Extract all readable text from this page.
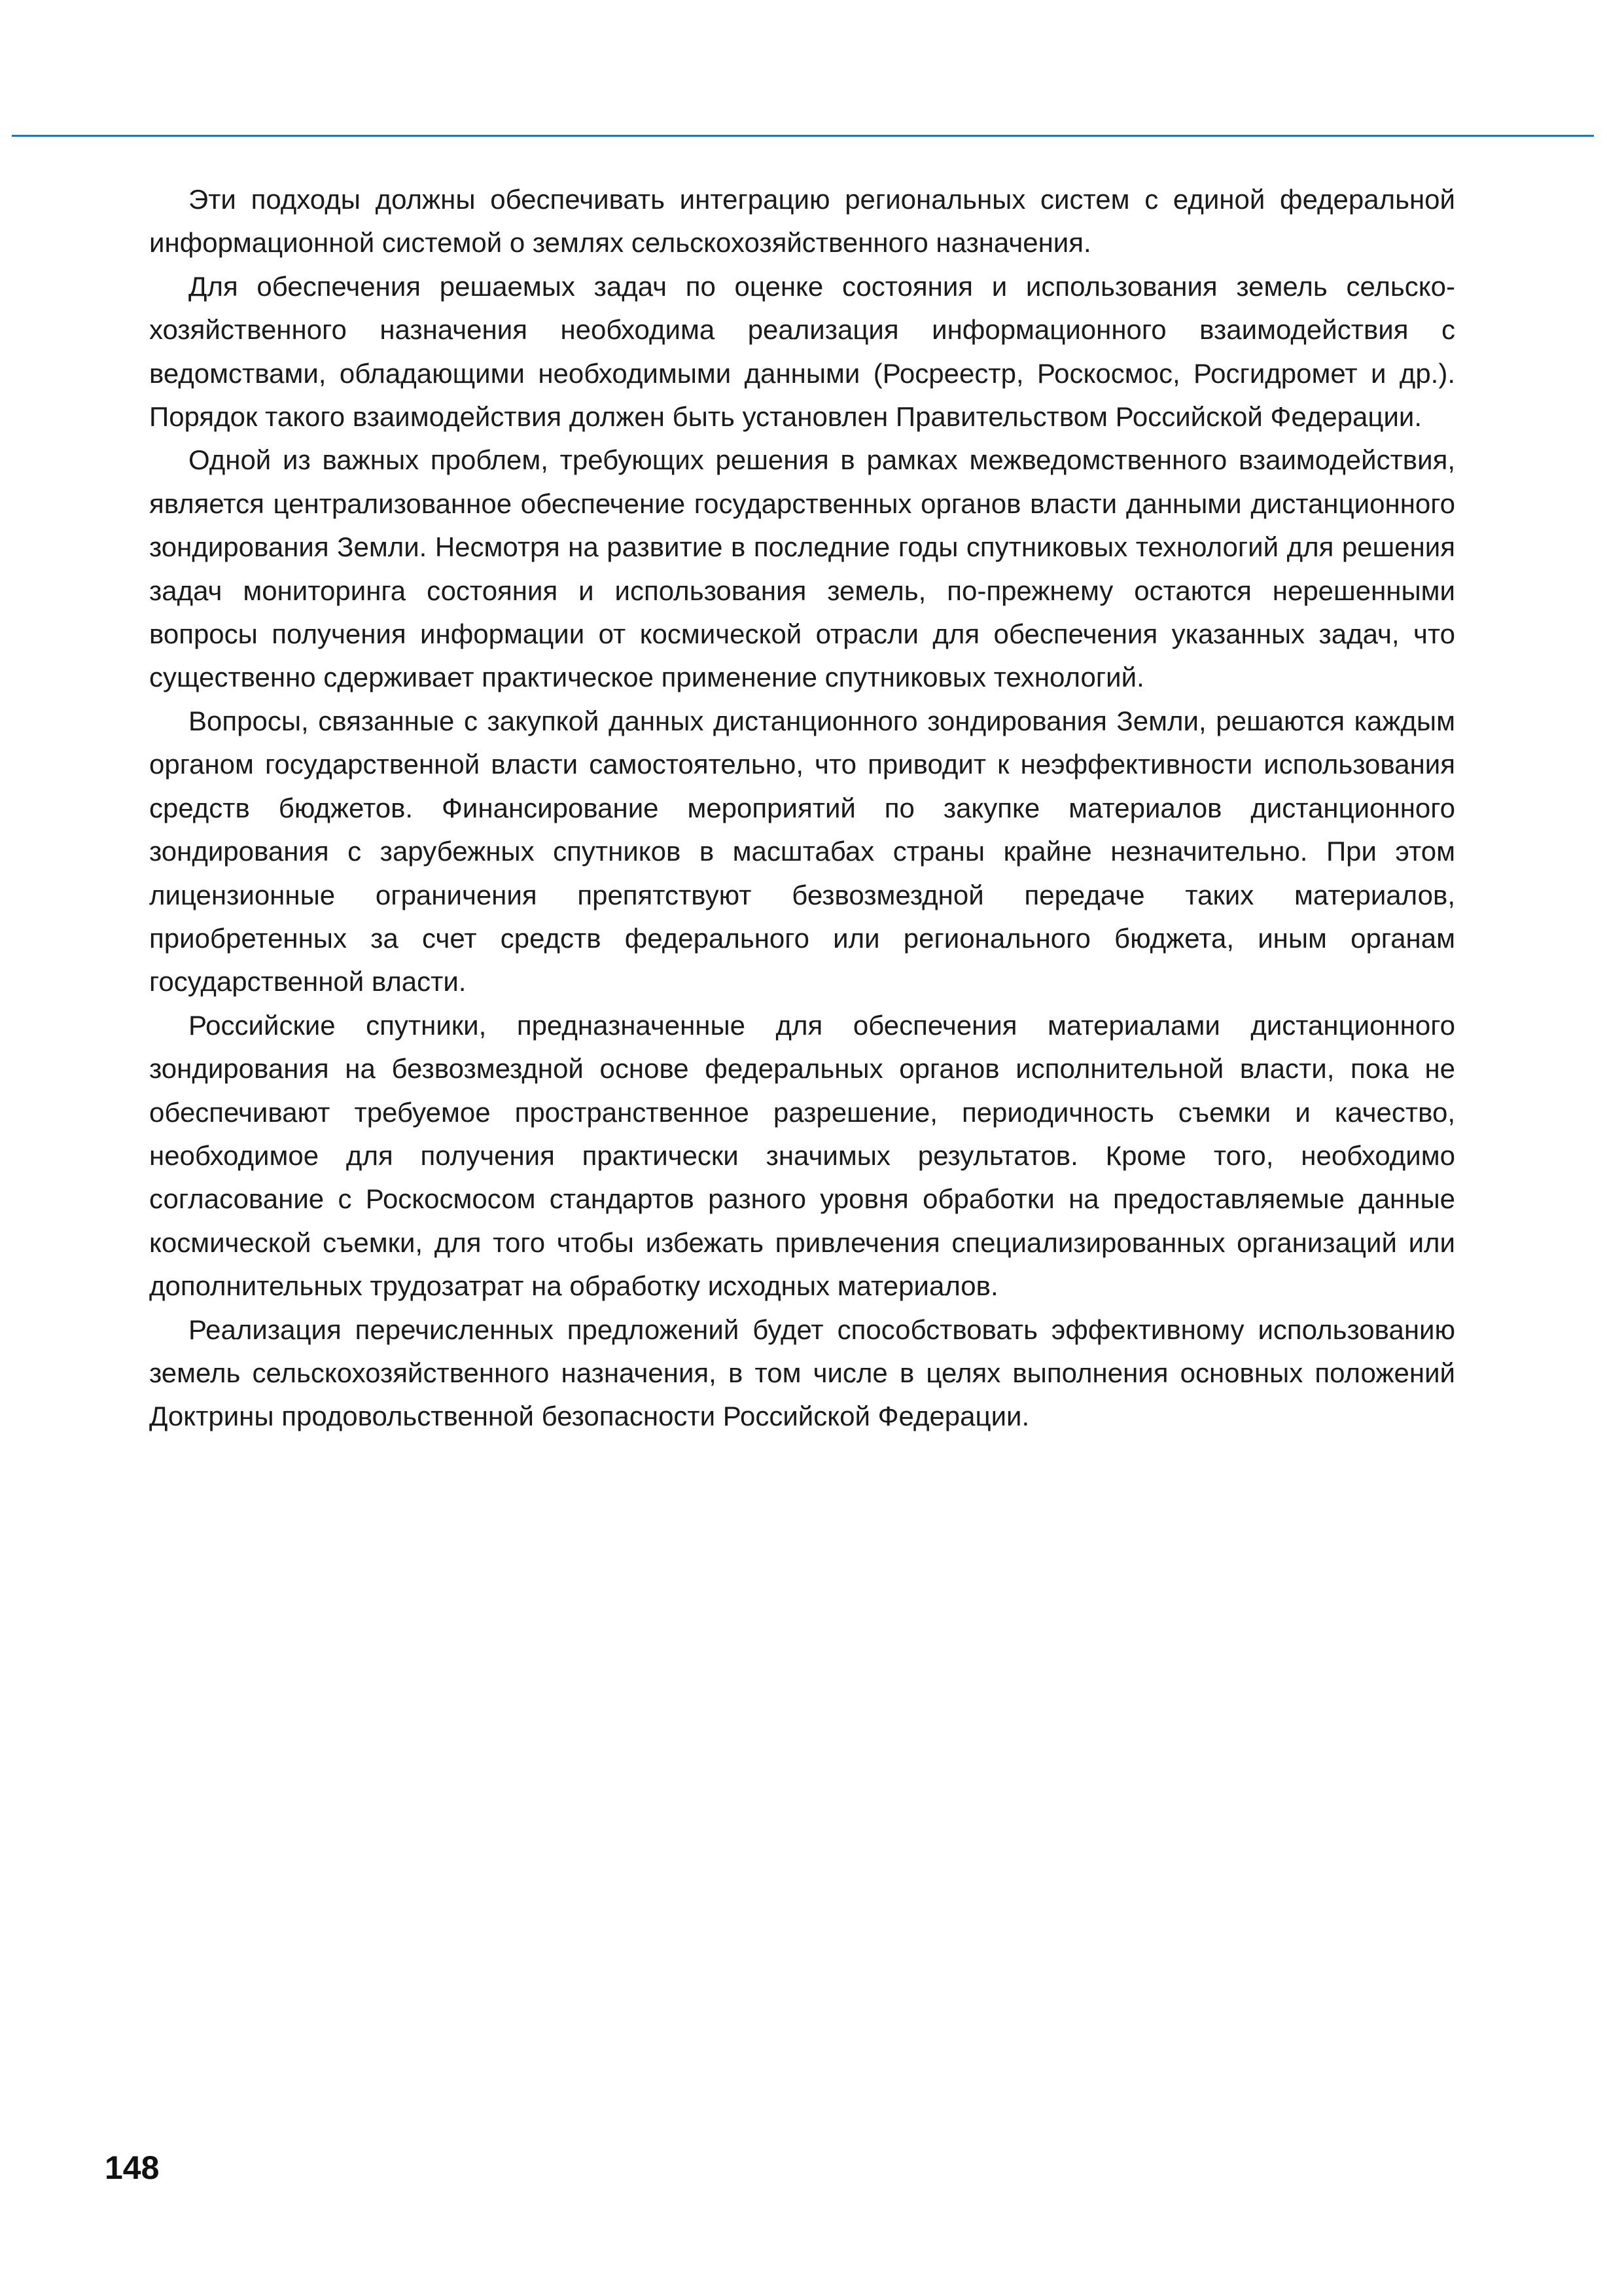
Эти подходы должны обеспечивать интеграцию региональных систем с единой федеральной информационной системой о землях сельскохозяйственного назначения.

Для обеспечения решаемых задач по оценке состояния и использования земель сельскохозяйственного назначения необходима реализация информационного взаимодействия с ведомствами, обладающими необходимыми данными (Росреестр, Роскосмос, Росгидромет и др.). Порядок такого взаимодействия должен быть установлен Правительством Российской Федерации.

Одной из важных проблем, требующих решения в рамках межведомственного взаимодействия, является централизованное обеспечение государственных органов власти данными дистанционного зондирования Земли. Несмотря на развитие в последние годы спутниковых технологий для решения задач мониторинга состояния и использования земель, по-прежнему остаются нерешенными вопросы получения информации от космической отрасли для обеспечения указанных задач, что существенно сдерживает практическое применение спутниковых технологий.

Вопросы, связанные с закупкой данных дистанционного зондирования Земли, решаются каждым органом государственной власти самостоятельно, что приводит к неэффективности использования средств бюджетов. Финансирование мероприятий по закупке материалов дистанционного зондирования с зарубежных спутников в масштабах страны крайне незначительно. При этом лицензионные ограничения препятствуют безвозмездной передаче таких материалов, приобретенных за счет средств федерального или регионального бюджета, иным органам государственной власти.

Российские спутники, предназначенные для обеспечения материалами дистанционного зондирования на безвозмездной основе федеральных органов исполнительной власти, пока не обеспечивают требуемое пространственное разрешение, периодичность съемки и качество, необходимое для получения практически значимых результатов. Кроме того, необходимо согласование с Роскосмосом стандартов разного уровня обработки на предоставляемые данные космической съемки, для того чтобы избежать привлечения специализированных организаций или дополнительных трудозатрат на обработку исходных материалов.

Реализация перечисленных предложений будет способствовать эффективному использованию земель сельскохозяйственного назначения, в том числе в целях выполнения основных положений Доктрины продовольственной безопасности Российской Федерации.

148
